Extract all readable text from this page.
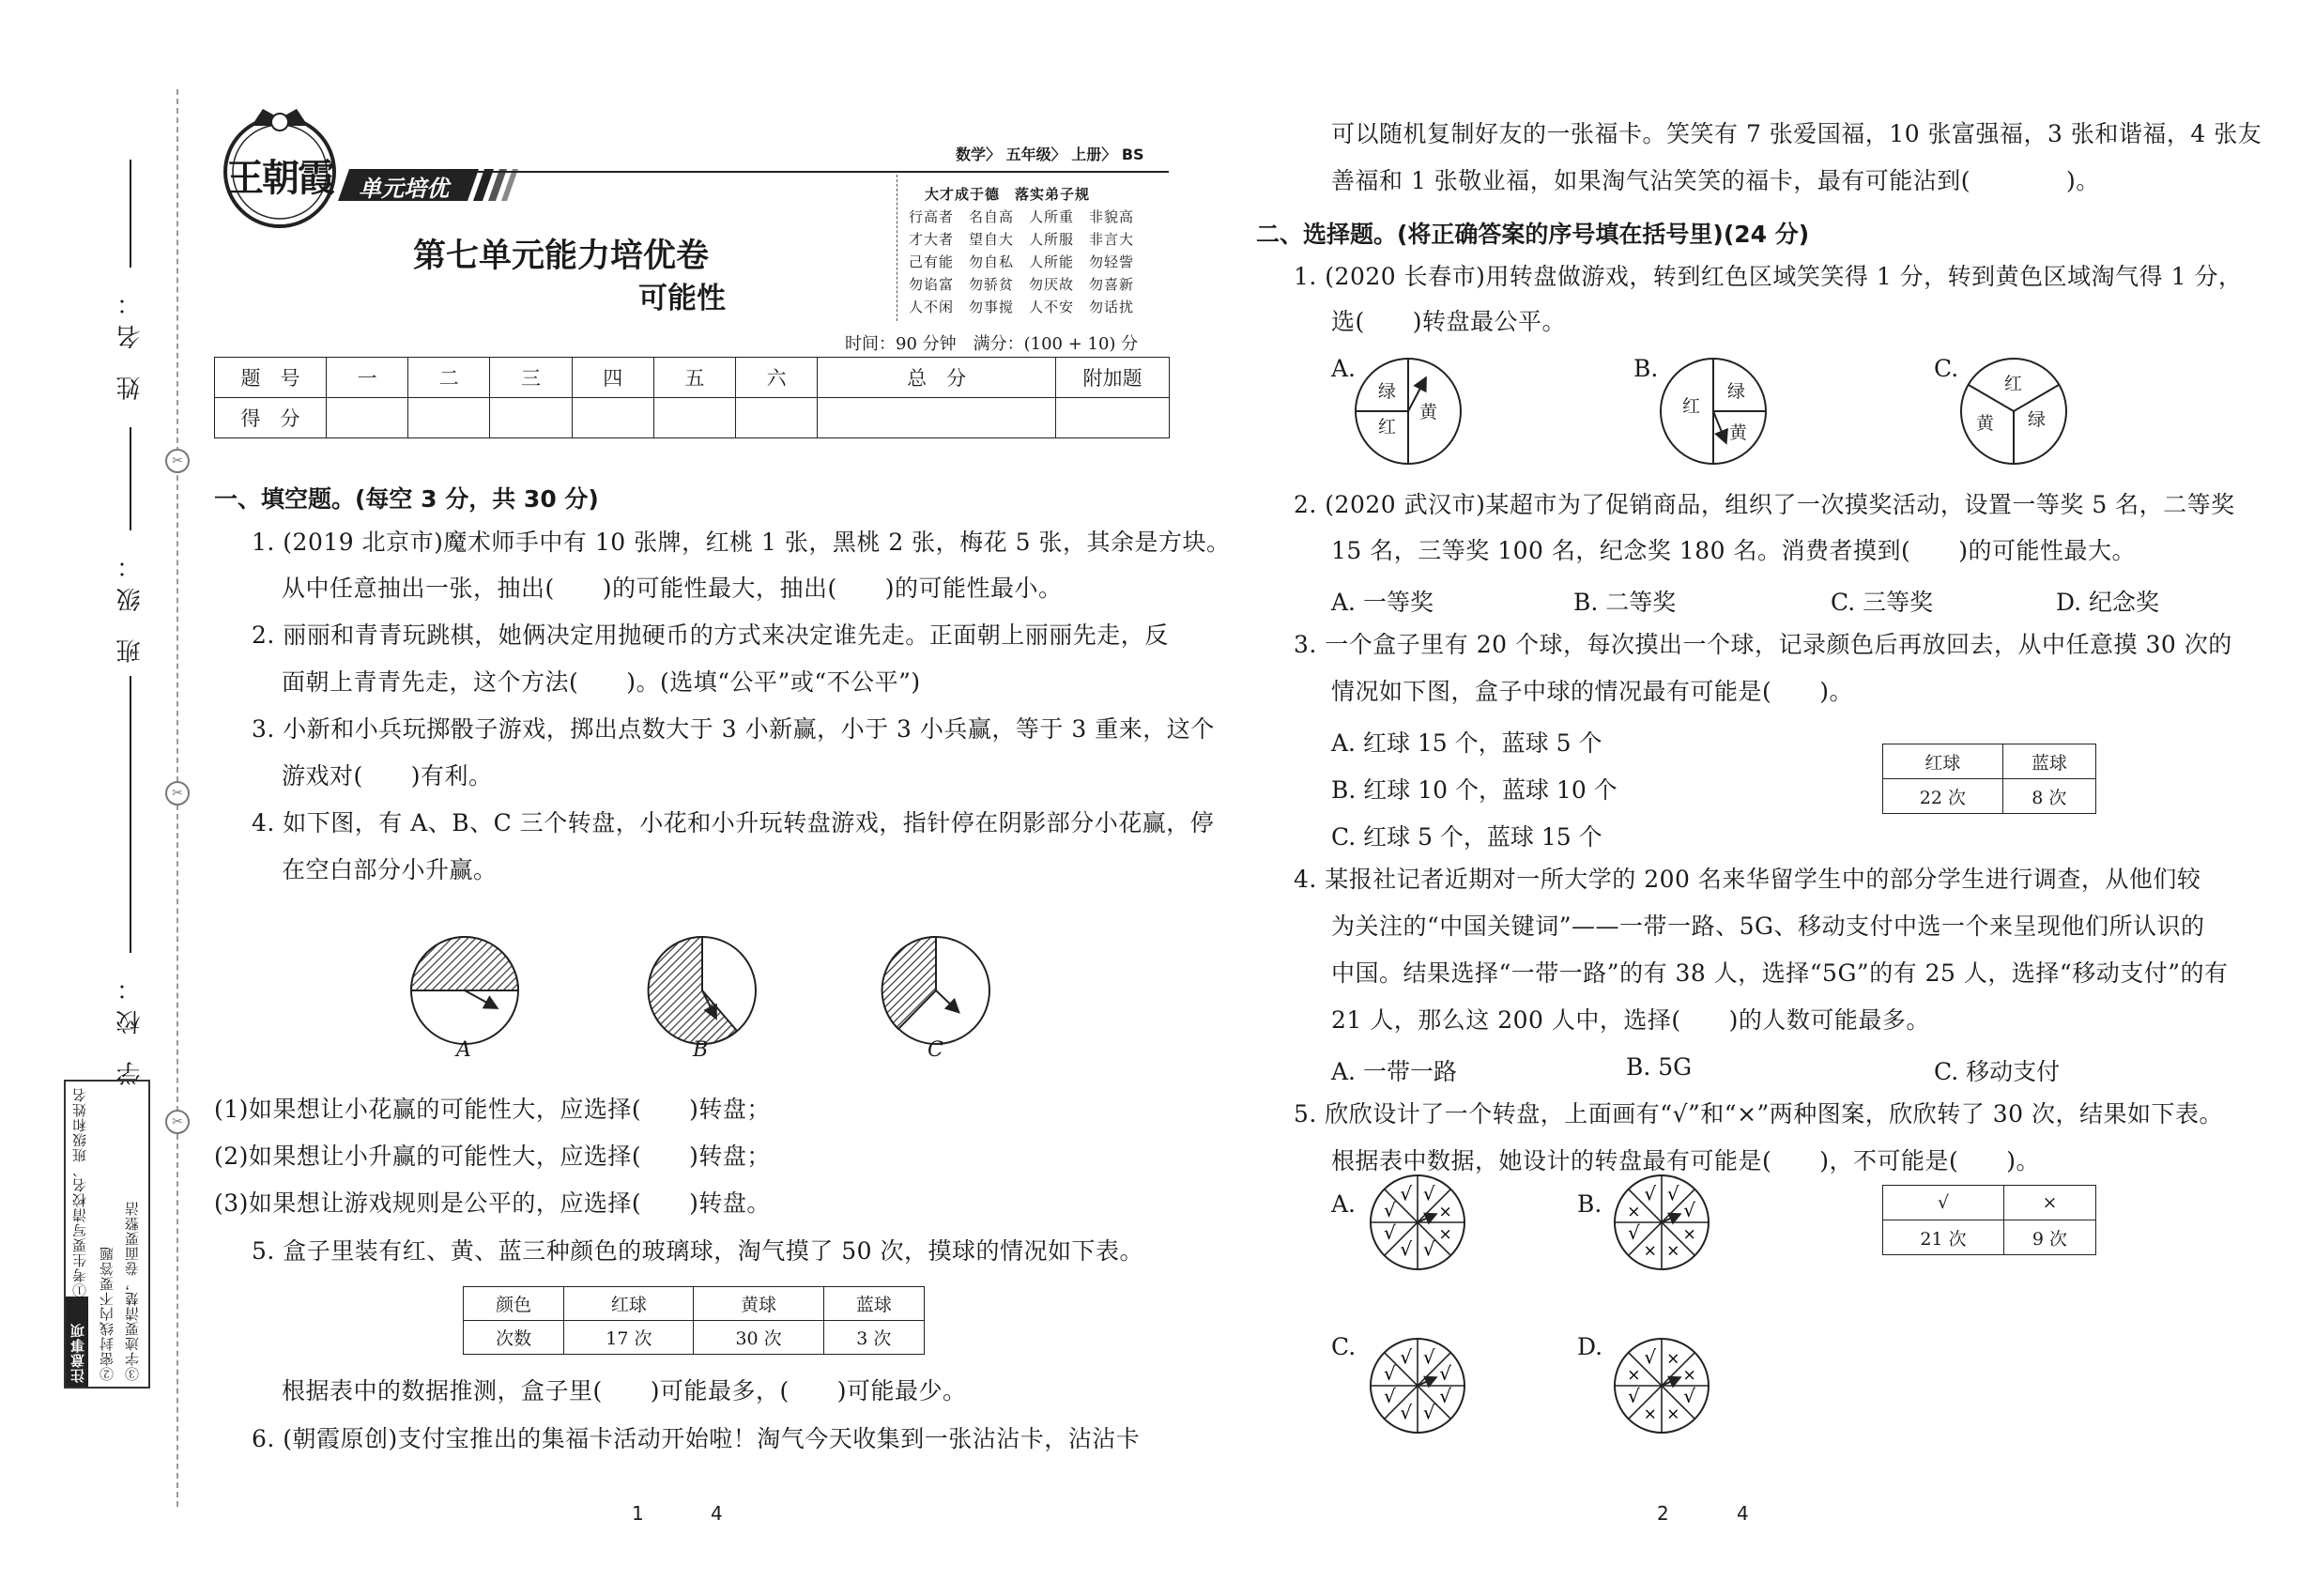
姓 名：
班 级：
学 校：
✂
✂
✂
注意事项
①考生要写清校名、班级和姓名
②密封线内不要答题 ③字迹要清楚，卷面要整洁
王朝霞	单元培优
数学〉 五年级〉 上册〉 BS
第七单元能力培优卷
可能性
大才成于德　落实弟子规
行高者　名自高　人所重　非貌高
才大者　望自大　人所服　非言大
己有能　勿自私　人所能　勿轻訾
勿谄富　勿骄贫　勿厌故　勿喜新
人不闲　勿事搅　人不安　勿话扰
时间：90 分钟　满分：(100 + 10) 分
题　号	一	二	三	四	五	六	总　分	附加题
得　分								
一、填空题。(每空 3 分，共 30 分)
1. (2019 北京市)魔术师手中有 10 张牌，红桃 1 张，黑桃 2 张，梅花 5 张，其余是方块。
从中任意抽出一张，抽出(　　)的可能性最大，抽出(　　)的可能性最小。
2. 丽丽和青青玩跳棋，她俩决定用抛硬币的方式来决定谁先走。正面朝上丽丽先走，反
面朝上青青先走，这个方法(　　)。(选填“公平”或“不公平”)
3. 小新和小兵玩掷骰子游戏，掷出点数大于 3 小新赢，小于 3 小兵赢，等于 3 重来，这个
游戏对(　　)有利。
4. 如下图，有 A、B、C 三个转盘，小花和小升玩转盘游戏，指针停在阴影部分小花赢，停
在空白部分小升赢。
A	B	C
(1)如果想让小花赢的可能性大，应选择(　　)转盘；
(2)如果想让小升赢的可能性大，应选择(　　)转盘；
(3)如果想让游戏规则是公平的，应选择(　　)转盘。
5. 盒子里装有红、黄、蓝三种颜色的玻璃球，淘气摸了 50 次，摸球的情况如下表。
颜色	红球	黄球	蓝球
次数	17 次	30 次	3 次
根据表中的数据推测，盒子里(　　)可能最多，(　　)可能最少。
6. (朝霞原创)支付宝推出的集福卡活动开始啦！淘气今天收集到一张沾沾卡，沾沾卡
可以随机复制好友的一张福卡。笑笑有 7 张爱国福，10 张富强福，3 张和谐福，4 张友
善福和 1 张敬业福，如果淘气沾笑笑的福卡，最有可能沾到(　　　　)。
二、选择题。(将正确答案的序号填在括号里)(24 分)
1. (2020 长春市)用转盘做游戏，转到红色区域笑笑得 1 分，转到黄色区域淘气得 1 分，
选(　　)转盘最公平。
A.	B.	C.
绿
红
黄	红
绿
黄
红
黄 绿
2. (2020 武汉市)某超市为了促销商品，组织了一次摸奖活动，设置一等奖 5 名，二等奖
15 名，三等奖 100 名，纪念奖 180 名。消费者摸到(　　)的可能性最大。
A. 一等奖	B. 二等奖	C. 三等奖	D. 纪念奖
3. 一个盒子里有 20 个球，每次摸出一个球，记录颜色后再放回去，从中任意摸 30 次的
情况如下图，盒子中球的情况最有可能是(　　)。
A. 红球 15 个，蓝球 5 个
B. 红球 10 个，蓝球 10 个
C. 红球 5 个，蓝球 15 个
红球	蓝球
22 次	8 次
4. 某报社记者近期对一所大学的 200 名来华留学生中的部分学生进行调查，从他们较
为关注的“中国关键词”——一带一路、5G、移动支付中选一个来呈现他们所认识的
中国。结果选择“一带一路”的有 38 人，选择“5G”的有 25 人，选择“移动支付”的有
21 人，那么这 200 人中，选择(　　)的人数可能最多。
A. 一带一路	B. 5G	C. 移动支付
5. 欣欣设计了一个转盘，上面画有“√”和“×”两种图案，欣欣转了 30 次，结果如下表。
根据表中数据，她设计的转盘最有可能是(　　)，不可能是(　　)。
A.	B.
C.	D.
√
×
×
√
√
√
√
√	√
√
×
×
×
√
×
√
√
√
√
√
√
√
√
√	×
×
√
×
×
√
×
√
√	×
21 次	9 次
1	4	2	4
